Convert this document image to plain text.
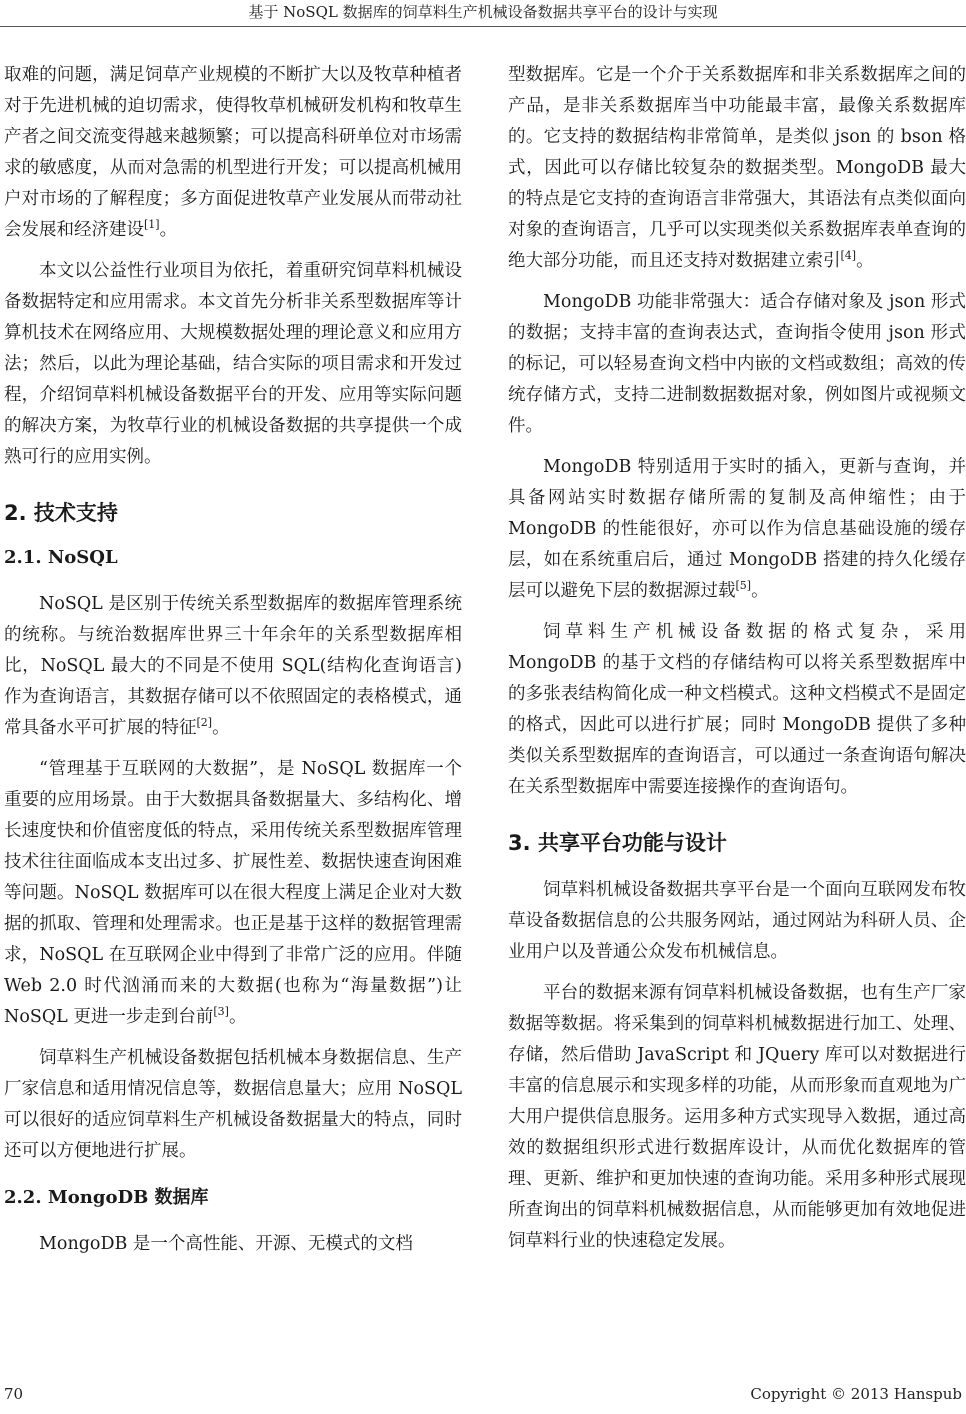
基于 NoSQL 数据库的饲草料生产机械设备数据共享平台的设计与实现

取难的问题，满足饲草产业规模的不断扩大以及牧草种植者对于先进机械的迫切需求，使得牧草机械研发机构和牧草生产者之间交流变得越来越频繁；可以提高科研单位对市场需求的敏感度，从而对急需的机型进行开发；可以提高机械用户对市场的了解程度；多方面促进牧草产业发展从而带动社会发展和经济建设[1]。

本文以公益性行业项目为依托，着重研究饲草料机械设备数据特定和应用需求。本文首先分析非关系型数据库等计算机技术在网络应用、大规模数据处理的理论意义和应用方法；然后，以此为理论基础，结合实际的项目需求和开发过程，介绍饲草料机械设备数据平台的开发、应用等实际问题的解决方案，为牧草行业的机械设备数据的共享提供一个成熟可行的应用实例。

2. 技术支持
2.1. NoSQL

NoSQL 是区别于传统关系型数据库的数据库管理系统的统称。与统治数据库世界三十年余年的关系型数据库相比，NoSQL 最大的不同是不使用 SQL(结构化查询语言)作为查询语言，其数据存储可以不依照固定的表格模式，通常具备水平可扩展的特征[2]。

“管理基于互联网的大数据”，是 NoSQL 数据库一个重要的应用场景。由于大数据具备数据量大、多结构化、增长速度快和价值密度低的特点，采用传统关系型数据库管理技术往往面临成本支出过多、扩展性差、数据快速查询困难等问题。NoSQL 数据库可以在很大程度上满足企业对大数据的抓取、管理和处理需求。也正是基于这样的数据管理需求，NoSQL 在互联网企业中得到了非常广泛的应用。伴随 Web 2.0 时代汹涌而来的大数据(也称为“海量数据”)让 NoSQL 更进一步走到台前[3]。

饲草料生产机械设备数据包括机械本身数据信息、生产厂家信息和适用情况信息等，数据信息量大；应用 NoSQL 可以很好的适应饲草料生产机械设备数据量大的特点，同时还可以方便地进行扩展。

2.2. MongoDB 数据库

MongoDB 是一个高性能、开源、无模式的文档

型数据库。它是一个介于关系数据库和非关系数据库之间的产品，是非关系数据库当中功能最丰富，最像关系数据库的。它支持的数据结构非常简单，是类似 json 的 bson 格式，因此可以存储比较复杂的数据类型。MongoDB 最大的特点是它支持的查询语言非常强大，其语法有点类似面向对象的查询语言，几乎可以实现类似关系数据库表单查询的绝大部分功能，而且还支持对数据建立索引[4]。

MongoDB 功能非常强大：适合存储对象及 json 形式的数据；支持丰富的查询表达式，查询指令使用 json 形式的标记，可以轻易查询文档中内嵌的文档或数组；高效的传统存储方式，支持二进制数据数据对象，例如图片或视频文件。

MongoDB 特别适用于实时的插入，更新与查询，并具备网站实时数据存储所需的复制及高伸缩性；由于 MongoDB 的性能很好，亦可以作为信息基础设施的缓存层，如在系统重启后，通过 MongoDB 搭建的持久化缓存层可以避免下层的数据源过载[5]。

饲草料生产机械设备数据的格式复杂，采用 MongoDB 的基于文档的存储结构可以将关系型数据库中的多张表结构简化成一种文档模式。这种文档模式不是固定的格式，因此可以进行扩展；同时 MongoDB 提供了多种类似关系型数据库的查询语言，可以通过一条查询语句解决在关系型数据库中需要连接操作的查询语句。

3. 共享平台功能与设计

饲草料机械设备数据共享平台是一个面向互联网发布牧草设备数据信息的公共服务网站，通过网站为科研人员、企业用户以及普通公众发布机械信息。

平台的数据来源有饲草料机械设备数据，也有生产厂家数据等数据。将采集到的饲草料机械数据进行加工、处理、存储，然后借助 JavaScript 和 JQuery 库可以对数据进行丰富的信息展示和实现多样的功能，从而形象而直观地为广大用户提供信息服务。运用多种方式实现导入数据，通过高效的数据组织形式进行数据库设计，从而优化数据库的管理、更新、维护和更加快速的查询功能。采用多种形式展现所查询出的饲草料机械数据信息，从而能够更加有效地促进饲草料行业的快速稳定发展。

70	Copyright © 2013 Hanspub
